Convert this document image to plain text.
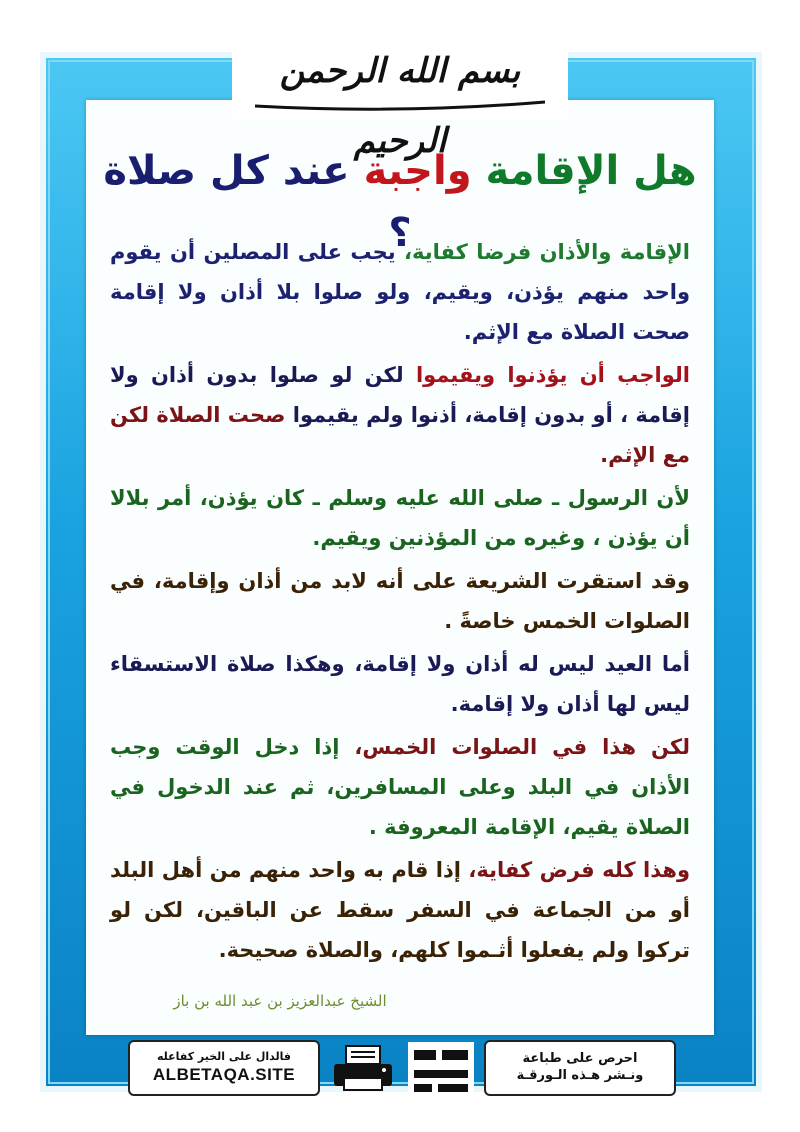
بسم الله الرحمن الرحيم
هل الإقامة واجبة عند كل صلاة ؟
الإقامة والأذان فرضا كفاية، يجب على المصلين أن يقوم واحد منهم يؤذن، ويقيم، ولو صلوا بلا أذان ولا إقامة صحت الصلاة مع الإثم.
الواجب أن يؤذنوا ويقيموا لكن لو صلوا بدون أذان ولا إقامة ، أو بدون إقامة، أذنوا ولم يقيموا صحت الصلاة لكن مع الإثم.
لأن الرسول ـ صلى الله عليه وسلم ـ كان يؤذن، أمر بلالا أن يؤذن ، وغيره من المؤذنين ويقيم.
وقد استقرت الشريعة على أنه لابد من أذان وإقامة، في الصلوات الخمس خاصةً .
أما العيد ليس له أذان ولا إقامة، وهكذا صلاة الاستسقاء ليس لها أذان ولا إقامة.
لكن هذا في الصلوات الخمس، إذا دخل الوقت وجب الأذان في البلد وعلى المسافرين، ثم عند الدخول في الصلاة يقيم، الإقامة المعروفة .
وهذا كله فرض كفاية، إذا قام به واحد منهم من أهل البلد أو من الجماعة في السفر سقط عن الباقين، لكن لو تركوا ولم يفعلوا أثـموا كلهم، والصلاة صحيحة.
الشيخ عبدالعزيز بن عبد الله بن باز
فالدال على الخير كفاعله
ALBETAQA.SITE
احرص على طباعة
ونـشر هـذه الـورقـة
